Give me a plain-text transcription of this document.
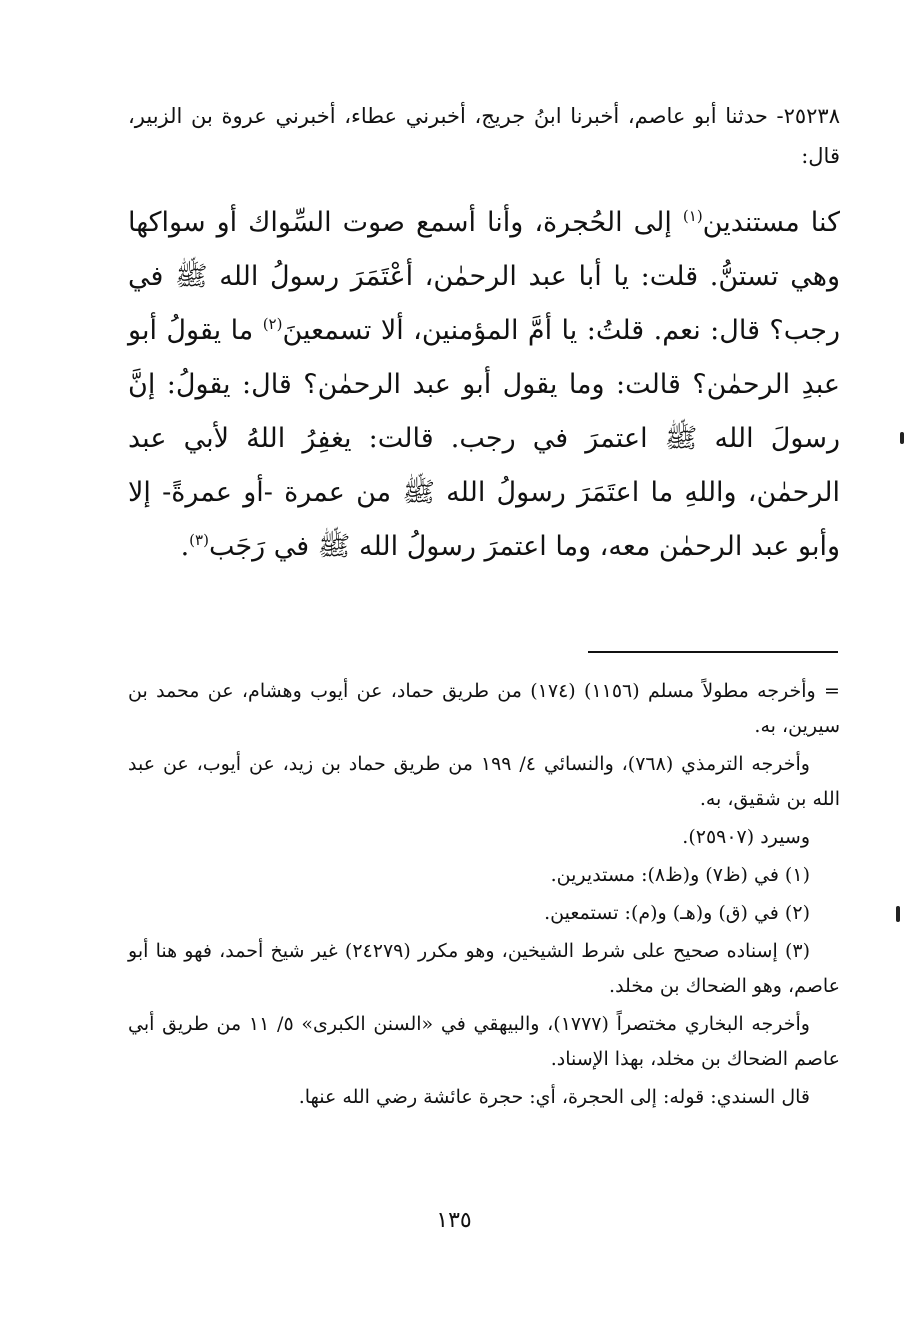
٢٥٢٣٨- حدثنا أبو عاصم، أخبرنا ابنُ جريج، أخبرني عطاء، أخبرني عروة بن الزبير، قال:
كنا مستندين$^{(١)}$ إلى الحُجرة، وأنا أسمع صوت السِّواك أو سواكها وهي تستنُّ. قلت: يا أبا عبد الرحمٰن، أعْتَمَرَ رسولُ الله ﷺ في رجب؟ قال: نعم. قلتُ: يا أمَّ المؤمنين، ألا تسمعينَ$^{(٢)}$ ما يقولُ أبو عبدِ الرحمٰن؟ قالت: وما يقول أبو عبد الرحمٰن؟ قال: يقولُ: إنَّ رسولَ الله ﷺ اعتمرَ في رجب. قالت: يغفِرُ اللهُ لأبي عبد الرحمٰن، واللهِ ما اعتَمَرَ رسولُ الله ﷺ من عمرة -أو عمرةً- إلا وأبو عبد الرحمٰن معه، وما اعتمرَ رسولُ الله ﷺ في رَجَب$^{(٣)}$.

= وأخرجه مطولاً مسلم (١١٥٦) (١٧٤) من طريق حماد، عن أيوب وهشام، عن محمد بن سيرين، به.

وأخرجه الترمذي (٧٦٨)، والنسائي ٤/ ١٩٩ من طريق حماد بن زيد، عن أيوب، عن عبد الله بن شقيق، به.

وسيرد (٢٥٩٠٧).

(١) في (ظ٧) و(ظ٨): مستديرين.

(٢) في (ق) و(هـ) و(م): تستمعين.

(٣) إسناده صحيح على شرط الشيخين، وهو مكرر (٢٤٢٧٩) غير شيخ أحمد، فهو هنا أبو عاصم، وهو الضحاك بن مخلد.

وأخرجه البخاري مختصراً (١٧٧٧)، والبيهقي في «السنن الكبرى» ٥/ ١١ من طريق أبي عاصم الضحاك بن مخلد، بهذا الإسناد.

قال السندي: قوله: إلى الحجرة، أي: حجرة عائشة رضي الله عنها.

١٣٥
